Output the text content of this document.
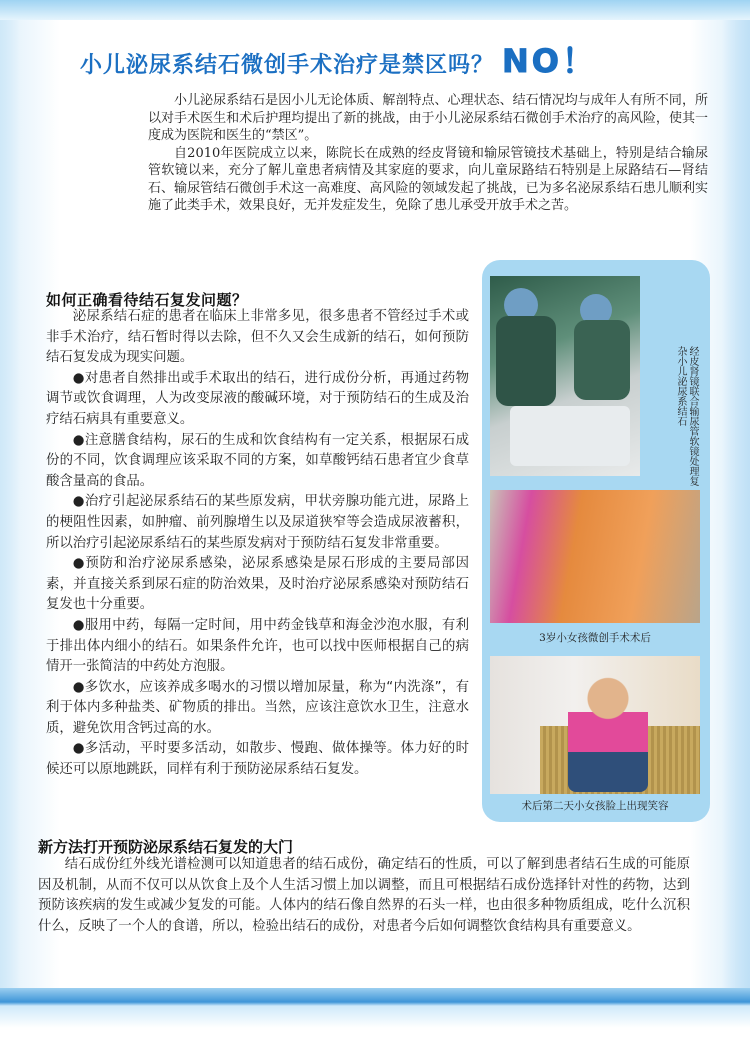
小儿泌尿系结石微创手术治疗是禁区吗？ NO！

小儿泌尿系结石是因小儿无论体质、解剖特点、心理状态、结石情况均与成年人有所不同，所以对手术医生和术后护理均提出了新的挑战，由于小儿泌尿系结石微创手术治疗的高风险，使其一度成为医院和医生的“禁区”。

自2010年医院成立以来，陈院长在成熟的经皮肾镜和输尿管镜技术基础上，特别是结合输尿管软镜以来，充分了解儿童患者病情及其家庭的要求，向儿童尿路结石特别是上尿路结石—肾结石、输尿管结石微创手术这一高难度、高风险的领域发起了挑战，已为多名泌尿系结石患儿顺利实施了此类手术，效果良好，无并发症发生，免除了患儿承受开放手术之苦。

如何正确看待结石复发问题？

泌尿系结石症的患者在临床上非常多见，很多患者不管经过手术或非手术治疗，结石暂时得以去除，但不久又会生成新的结石，如何预防结石复发成为现实问题。

●对患者自然排出或手术取出的结石，进行成份分析，再通过药物调节或饮食调理，人为改变尿液的酸碱环境，对于预防结石的生成及治疗结石病具有重要意义。

●注意膳食结构，尿石的生成和饮食结构有一定关系，根据尿石成份的不同，饮食调理应该采取不同的方案，如草酸钙结石患者宜少食草酸含量高的食品。

●治疗引起泌尿系结石的某些原发病，甲状旁腺功能亢进，尿路上的梗阻性因素，如肿瘤、前列腺增生以及尿道狭窄等会造成尿液蓄积，所以治疗引起泌尿系结石的某些原发病对于预防结石复发非常重要。

●预防和治疗泌尿系感染，泌尿系感染是尿石形成的主要局部因素，并直接关系到尿石症的防治效果，及时治疗泌尿系感染对预防结石复发也十分重要。

●服用中药，每隔一定时间，用中药金钱草和海金沙泡水服，有利于排出体内细小的结石。如果条件允许，也可以找中医师根据自己的病情开一张简洁的中药处方泡服。

●多饮水，应该养成多喝水的习惯以增加尿量，称为“内洗涤”，有利于体内多种盐类、矿物质的排出。当然，应该注意饮水卫生，注意水质，避免饮用含钙过高的水。

●多活动，平时要多活动，如散步、慢跑、做体操等。体力好的时候还可以原地跳跃，同样有利于预防泌尿系结石复发。

经皮肾镜联合输尿管软镜处理复杂小儿泌尿系结石
3岁小女孩微创手术术后
术后第二天小女孩脸上出现笑容
新方法打开预防泌尿系结石复发的大门

结石成份红外线光谱检测可以知道患者的结石成份，确定结石的性质，可以了解到患者结石生成的可能原因及机制，从而不仅可以从饮食上及个人生活习惯上加以调整，而且可根据结石成份选择针对性的药物，达到预防该疾病的发生或减少复发的可能。人体内的结石像自然界的石头一样，也由很多种物质组成，吃什么沉积什么，反映了一个人的食谱，所以，检验出结石的成份，对患者今后如何调整饮食结构具有重要意义。
